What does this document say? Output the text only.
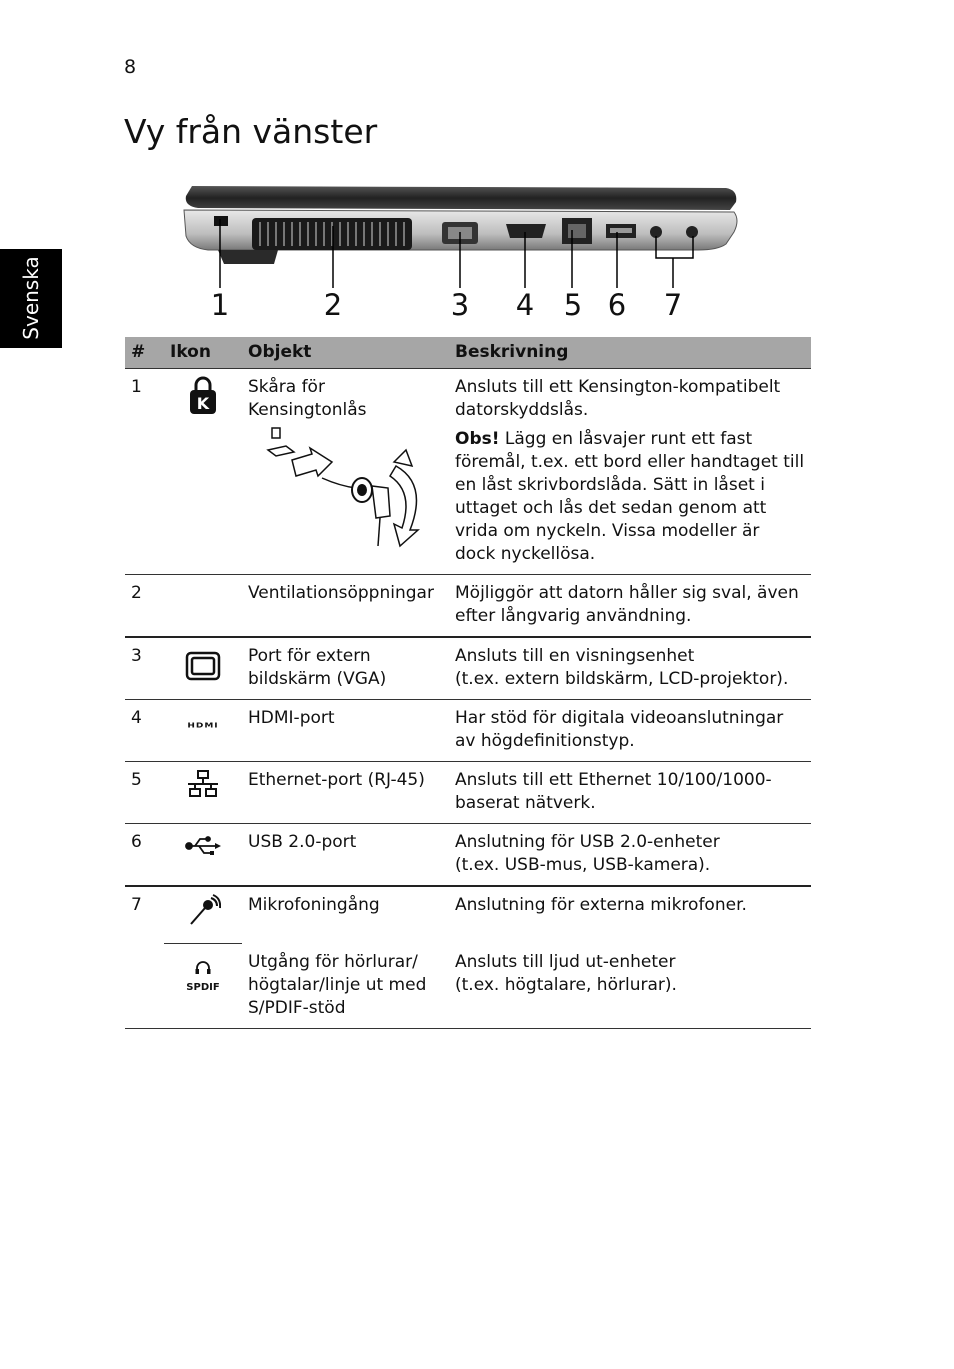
8
Vy från vänster
Svenska	1	2	3 4 5 6 7
#	Ikon	Objekt	Beskrivning
1	K	Skåra för Kensingtonlås	Ansluts till ett Kensington-kompatibelt datorskyddslås.

Obs! Lägg en låsvajer runt ett fast föremål, t.ex. ett bord eller handtaget till en låst skrivbordslåda. Sätt in låset i uttaget och lås det sedan genom att vrida om nyckeln. Vissa modeller är dock nyckellösa.

2		Ventilationsöppningar	Möjliggör att datorn håller sig sval, även efter långvarig användning.
3		Port för extern bildskärm (VGA)	Ansluts till en visningsenhet
(t.ex. extern bildskärm, LCD-projektor).

4	HDMI	HDMI-port	Har stöd för digitala videoanslutningar av högdefinitionstyp.
5		Ethernet-port (RJ-45)	Ansluts till ett Ethernet 10/100/1000-baserat nätverk.
6		USB 2.0-port	Anslutning för USB 2.0-enheter
(t.ex. USB-mus, USB-kamera).

7		Mikrofoningång	Anslutning för externa mikrofoner.

	SPDIF	Utgång för hörlurar/ högtalar/linje ut med S/PDIF-stöd	Ansluts till ljud ut-enheter
(t.ex. högtalare, hörlurar).
